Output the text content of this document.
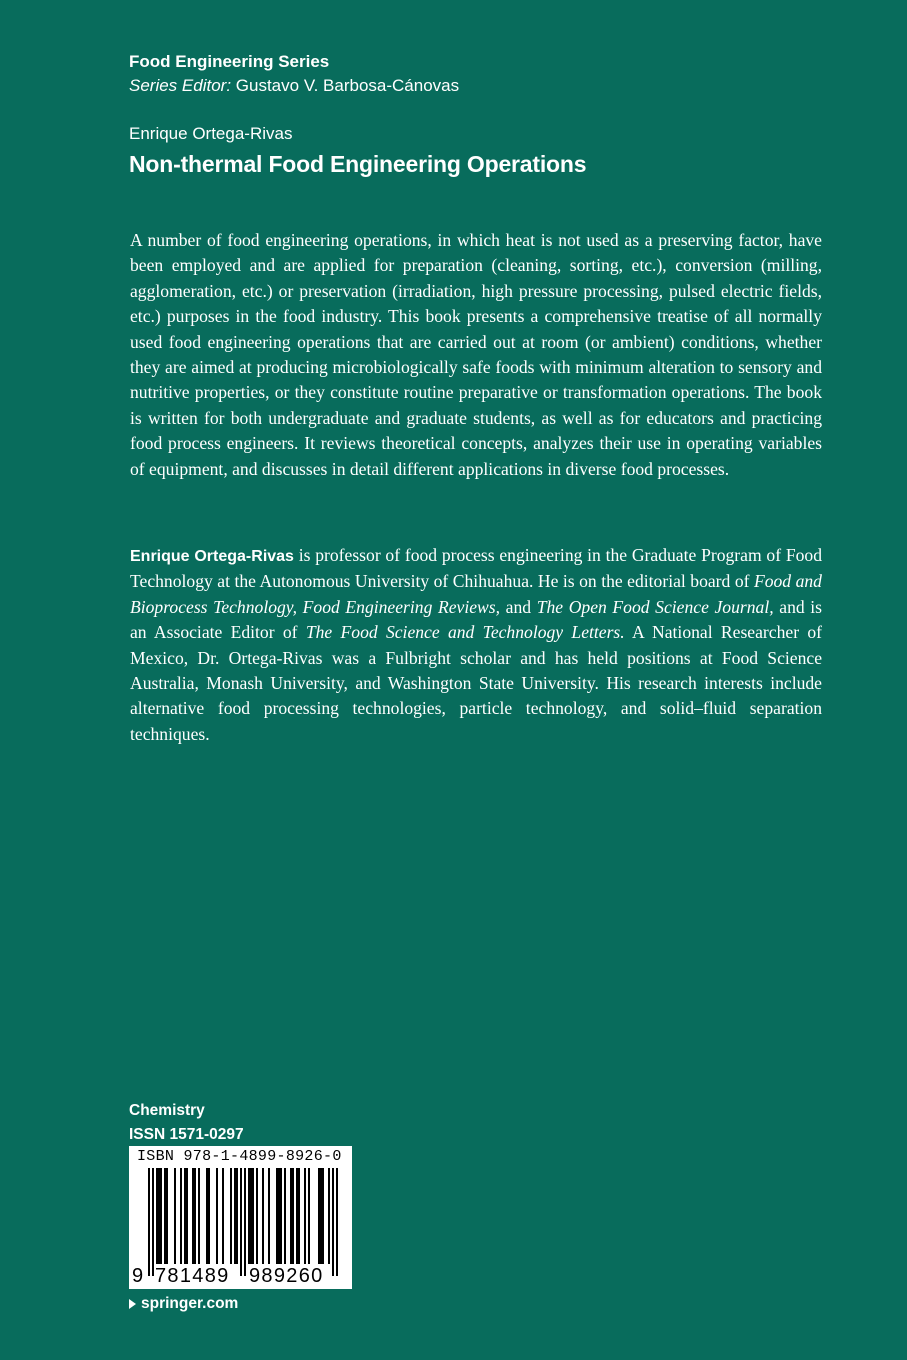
Food Engineering Series
Series Editor: Gustavo V. Barbosa-Cánovas
Enrique Ortega-Rivas
Non-thermal Food Engineering Operations

A number of food engineering operations, in which heat is not used as a preserving factor, have been employed and are applied for preparation (cleaning, sorting, etc.), conversion (milling, agglomeration, etc.) or preservation (irradiation, high pressure processing, pulsed electric fields, etc.) purposes in the food industry. This book presents a comprehensive treatise of all normally used food engineering operations that are carried out at room (or ambient) conditions, whether they are aimed at producing microbiologically safe foods with minimum alteration to sensory and nutritive properties, or they constitute routine preparative or transformation operations. The book is written for both undergraduate and graduate students, as well as for educators and practicing food process engineers. It reviews theoretical concepts, analyzes their use in operating variables of equipment, and discusses in detail different applications in diverse food processes.

Enrique Ortega-Rivas is professor of food process engineering in the Graduate Program of Food Technology at the Autonomous University of Chihuahua. He is on the editorial board of Food and Bioprocess Technology, Food Engineering Reviews, and The Open Food Science Journal, and is an Associate Editor of The Food Science and Technology Letters. A National Researcher of Mexico, Dr. Ortega-Rivas was a Fulbright scholar and has held positions at Food Science Australia, Monash University, and Washington State University. His research interests include alternative food processing technologies, particle technology, and solid–fluid separation techniques.

Chemistry
ISSN 1571-0297
ISBN 978-1-4899-8926-0
9 781489 989260
springer.com
